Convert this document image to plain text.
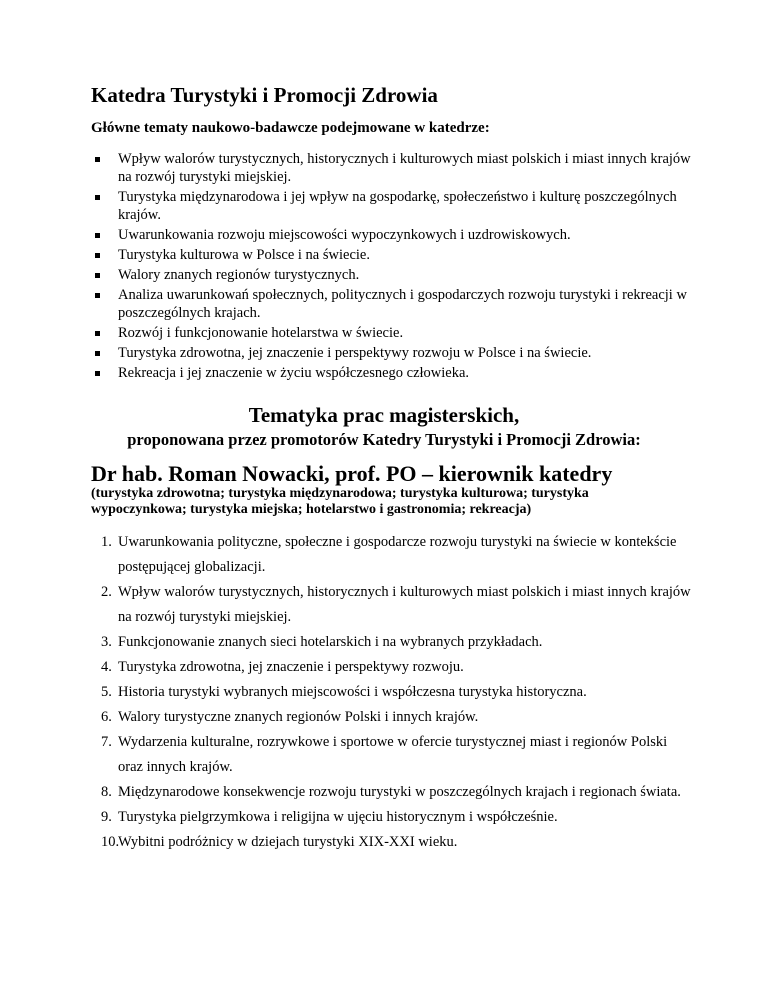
Katedra Turystyki i Promocji Zdrowia

Główne tematy naukowo-badawcze podejmowane w katedrze:

Wpływ walorów turystycznych, historycznych i kulturowych miast polskich i miast innych krajów na rozwój turystyki miejskiej.
Turystyka międzynarodowa i jej wpływ na gospodarkę, społeczeństwo i kulturę poszczególnych krajów.
Uwarunkowania rozwoju miejscowości wypoczynkowych i uzdrowiskowych.
Turystyka kulturowa w Polsce i na świecie.
Walory znanych regionów turystycznych.
Analiza uwarunkowań społecznych, politycznych i gospodarczych rozwoju turystyki i rekreacji w poszczególnych krajach.
Rozwój i funkcjonowanie hotelarstwa w świecie.
Turystyka zdrowotna, jej znaczenie i perspektywy rozwoju w Polsce i na świecie.
Rekreacja i jej znaczenie w życiu współczesnego człowieka.
Tematyka prac magisterskich,

proponowana przez promotorów Katedry Turystyki i Promocji Zdrowia:

Dr hab. Roman Nowacki, prof. PO – kierownik katedry

(turystyka zdrowotna; turystyka międzynarodowa; turystyka kulturowa; turystyka wypoczynkowa; turystyka miejska; hotelarstwo i gastronomia; rekreacja)

1. Uwarunkowania polityczne, społeczne i gospodarcze rozwoju turystyki na świecie w kontekście postępującej globalizacji.
2. Wpływ walorów turystycznych, historycznych i kulturowych miast polskich i miast innych krajów na rozwój turystyki miejskiej.
3. Funkcjonowanie znanych sieci hotelarskich i na wybranych przykładach.
4. Turystyka zdrowotna, jej znaczenie i perspektywy rozwoju.
5. Historia turystyki wybranych miejscowości i współczesna turystyka historyczna.
6. Walory turystyczne znanych regionów Polski i innych krajów.
7. Wydarzenia kulturalne, rozrywkowe i sportowe w ofercie turystycznej miast i regionów Polski oraz innych krajów.
8. Międzynarodowe konsekwencje rozwoju turystyki w poszczególnych krajach i regionach świata.
9. Turystyka pielgrzymkowa i religijna w ujęciu historycznym i współcześnie.
10.
Wybitni podróżnicy w dziejach turystyki XIX-XXI wieku.
